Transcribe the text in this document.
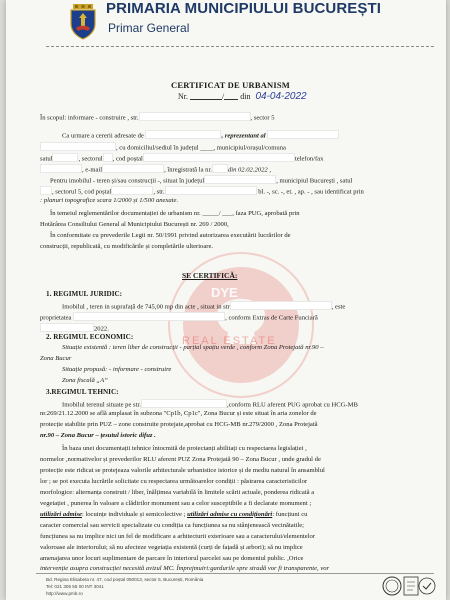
PRIMARIA MUNICIPIULUI BUCUREȘTI
Primar General
DYE
REAL ESTATE
CERTIFICAT DE URBANISM
Nr.	/ din 04-04-2022
În scopul: informare - construire , str.	, sector 5
Ca urmare a cererii adresate de	, reprezentant al
, cu domiciliul/sediul în județul ____, municipiul/orașul/comuna
satul	, sectorul , cod poștal	telefon/fax
, e-mail	, înregistrată la nr. din 02.02.2022 ,
Pentru imobilul - teren și/sau construcții -, situat în județul	, municipiul București , satul
, sectorul 5, cod poștal	, str.	bl. -, sc. -, et. , ap. - , sau identificat prin
: planuri topografice scara 1/2000 și 1/500 anexate.
În temeiul reglementărilor documentației de urbanism nr. _____/ ___, faza PUG, aprobată prin
Hotărârea Consiliului General al Municipiului București nr. 269 / 2000,
În conformitate cu prevederile Legii nr. 50/1991 privind autorizarea executării lucrărilor de
construcții, republicată, cu modificările și completările ulterioare.
SE CERTIFICĂ:
1. REGIMUL JURIDIC:
Imobilul , teren in suprafață de 745,00 mp din acte , situat in str	, este
proprietatea	, conform Extras de Carte Funciară
2022.
2. REGIMUL ECONOMIC:
Situație existentă : teren liber de construcții - parțial spațiu verde , conform Zona Protejată nr.90 –
Zona Bucur
Situație propusă: - informare - construire
Zona fiscală „A”
3.REGIMUL TEHNIC:
Imobilul terenul situate pe str.	,conform RLU aferent PUG aprobat cu HCG-MB
nr.269/21.12.2000 se află amplasat în subzona "Cp1b, Cp1c", Zona Bucur și este situat în aria zonelor de
protecție stabilite prin PUZ – zone construite protejate,aprobat cu HCG-MB nr.279/2000 , Zona Protejată
nr.90 – Zona Bucur – țesutul istoric difuz .
În baza unei documentații tehnice întocmită de proiectanți abilitați cu respectarea legislației ,
normelor ,normativelor și prevederilor RLU aferent PUZ Zona Protejată 90 – Zona Bucur , unde gradul de
protecție este ridicat se protejeaza valorile arhitecturale urbanistice istorice și de mediu natural în ansamblul
lor ; se pot executa lucrările solicitate cu respectarea următoarelor condiții : păstrarea caracteristicilor
morfologice: alternanța construit / liber, înălțimea variabilă în limitele scării actuale, ponderea ridicată a
vegetației , punerea în valoare a clădirilor monument sau a celor susceptibile a fi declarate monument ;
utilizări admise: locuințe individuale și semicolective ; utilizări admise cu condiționări: funcțiuni cu
caracter comercial sau servicii specializate cu condiția ca funcțiunea sa nu stânjenească vecinătatile;
funcțiunea sa nu implice nici un fel de modificare a arhitecturii exterioare sau a caracterului/elementelor
valoroase ale interiorului; să nu afecteze vegetația existentă (curți de fațadă și arbori); să nu implice
amenajarea unor locuri suplimentare de parcare în interiorul parcelei sau pe domeniul public. ,Orice
intervenție asupra construcției necesită avizul MC. Împrejmuiri:gardurile spre stradă vor fi transparente, vor
Bd. Regina Elisabeta nr. 47, cod poștal 050013, sector 5, București, România
Tel: 021 305 55 00 INT 3041
http://www.pmb.ro
